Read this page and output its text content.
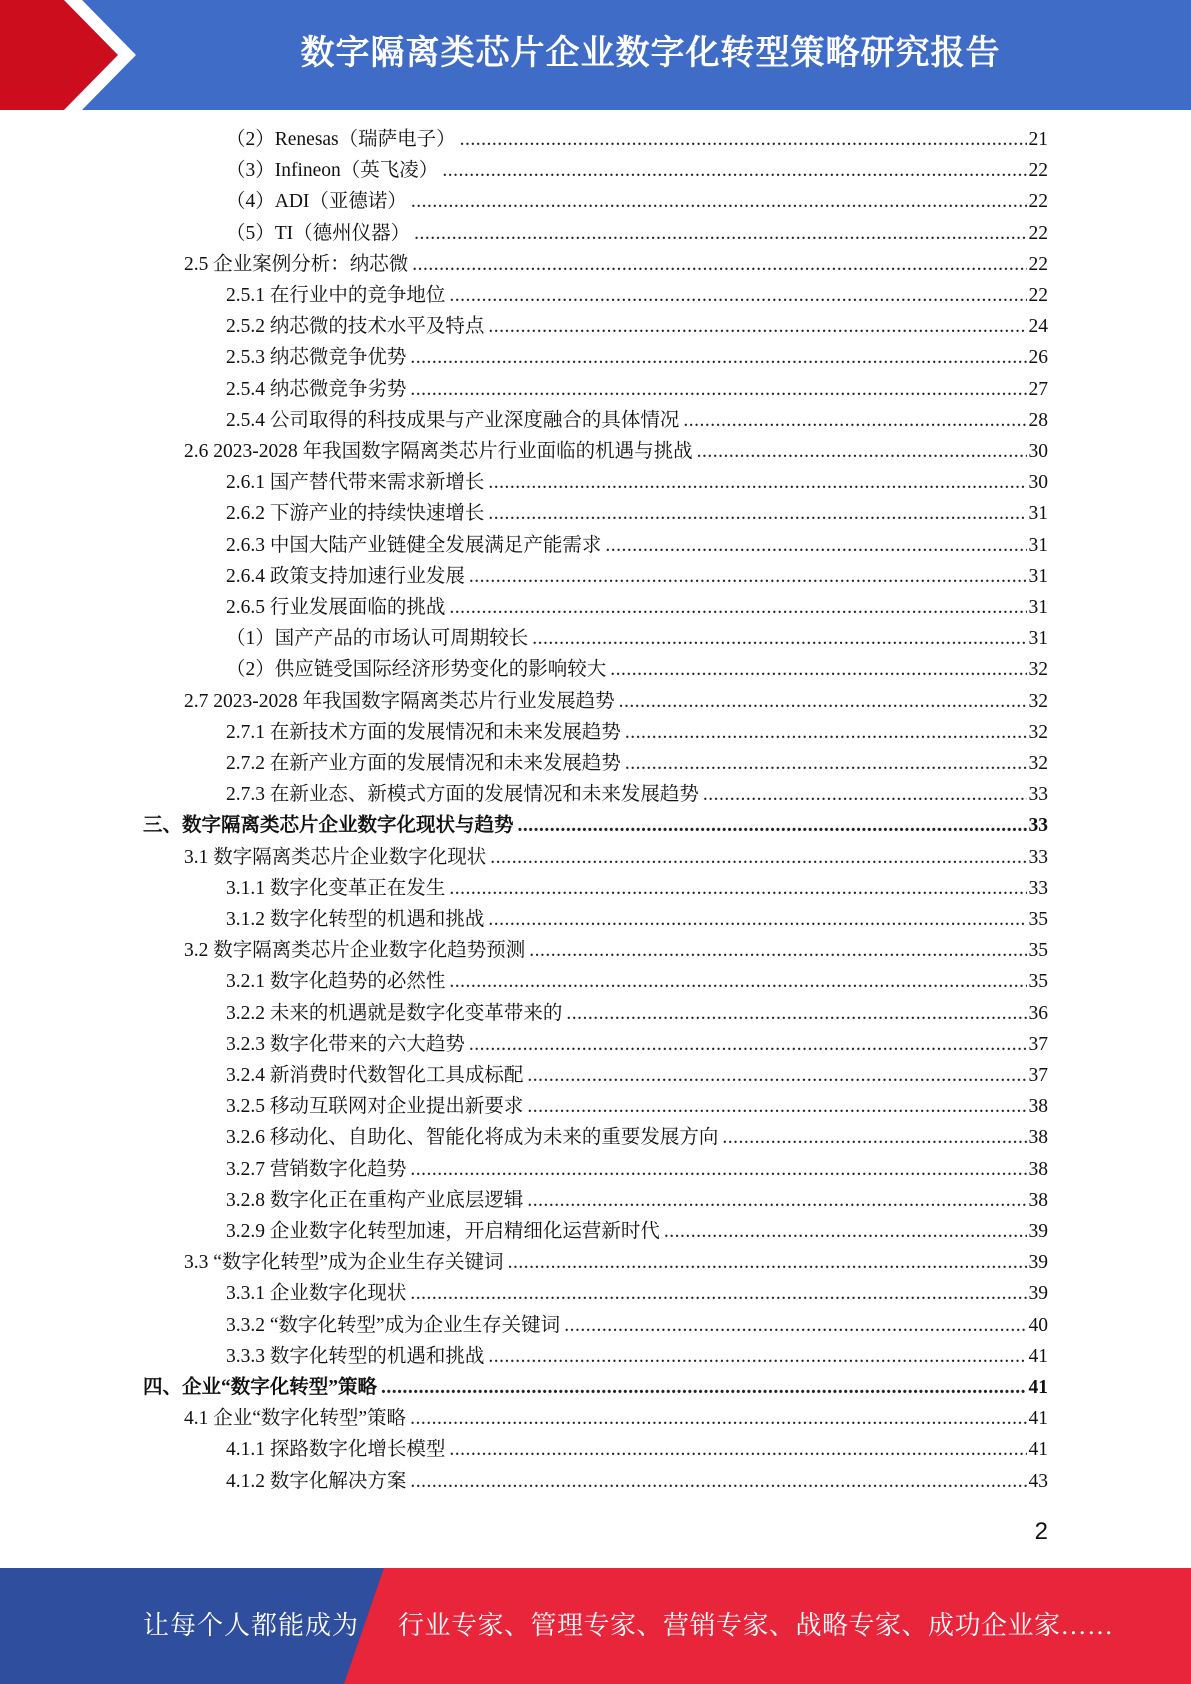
数字隔离类芯片企业数字化转型策略研究报告
（2）Renesas（瑞萨电子） .....	21
（3）Infineon（英飞凌） .....	22
（4）ADI（亚德诺） .....	22
（5）TI（德州仪器） .....	22
2.5 企业案例分析：纳芯微 .....	22
2.5.1 在行业中的竞争地位 .....	22
2.5.2 纳芯微的技术水平及特点 .....	24
2.5.3 纳芯微竞争优势 .....	26
2.5.4 纳芯微竞争劣势 .....	27
2.5.4 公司取得的科技成果与产业深度融合的具体情况 .....	28
2.6 2023-2028 年我国数字隔离类芯片行业面临的机遇与挑战 .....	30
2.6.1 国产替代带来需求新增长 .....	30
2.6.2 下游产业的持续快速增长 .....	31
2.6.3 中国大陆产业链健全发展满足产能需求 .....	31
2.6.4 政策支持加速行业发展 .....	31
2.6.5 行业发展面临的挑战 .....	31
（1）国产产品的市场认可周期较长 .....	31
（2）供应链受国际经济形势变化的影响较大 .....	32
2.7 2023-2028 年我国数字隔离类芯片行业发展趋势 .....	32
2.7.1 在新技术方面的发展情况和未来发展趋势 .....	32
2.7.2 在新产业方面的发展情况和未来发展趋势 .....	32
2.7.3 在新业态、新模式方面的发展情况和未来发展趋势 .....	33
三、数字隔离类芯片企业数字化现状与趋势 .....	33
3.1 数字隔离类芯片企业数字化现状 .....	33
3.1.1 数字化变革正在发生 .....	33
3.1.2 数字化转型的机遇和挑战 .....	35
3.2 数字隔离类芯片企业数字化趋势预测 .....	35
3.2.1 数字化趋势的必然性 .....	35
3.2.2 未来的机遇就是数字化变革带来的 .....	36
3.2.3 数字化带来的六大趋势 .....	37
3.2.4 新消费时代数智化工具成标配 .....	37
3.2.5 移动互联网对企业提出新要求 .....	38
3.2.6 移动化、自助化、智能化将成为未来的重要发展方向 .....	38
3.2.7 营销数字化趋势 .....	38
3.2.8 数字化正在重构产业底层逻辑 .....	38
3.2.9 企业数字化转型加速，开启精细化运营新时代 .....	39
3.3 “数字化转型”成为企业生存关键词 .....	39
3.3.1 企业数字化现状 .....	39
3.3.2 “数字化转型”成为企业生存关键词 .....	40
3.3.3 数字化转型的机遇和挑战 .....	41
四、企业“数字化转型”策略 .....	41
4.1 企业“数字化转型”策略 .....	41
4.1.1 探路数字化增长模型 .....	41
4.1.2 数字化解决方案 .....	43
2
让每个人都能成为 行业专家、管理专家、营销专家、战略专家、成功企业家……
